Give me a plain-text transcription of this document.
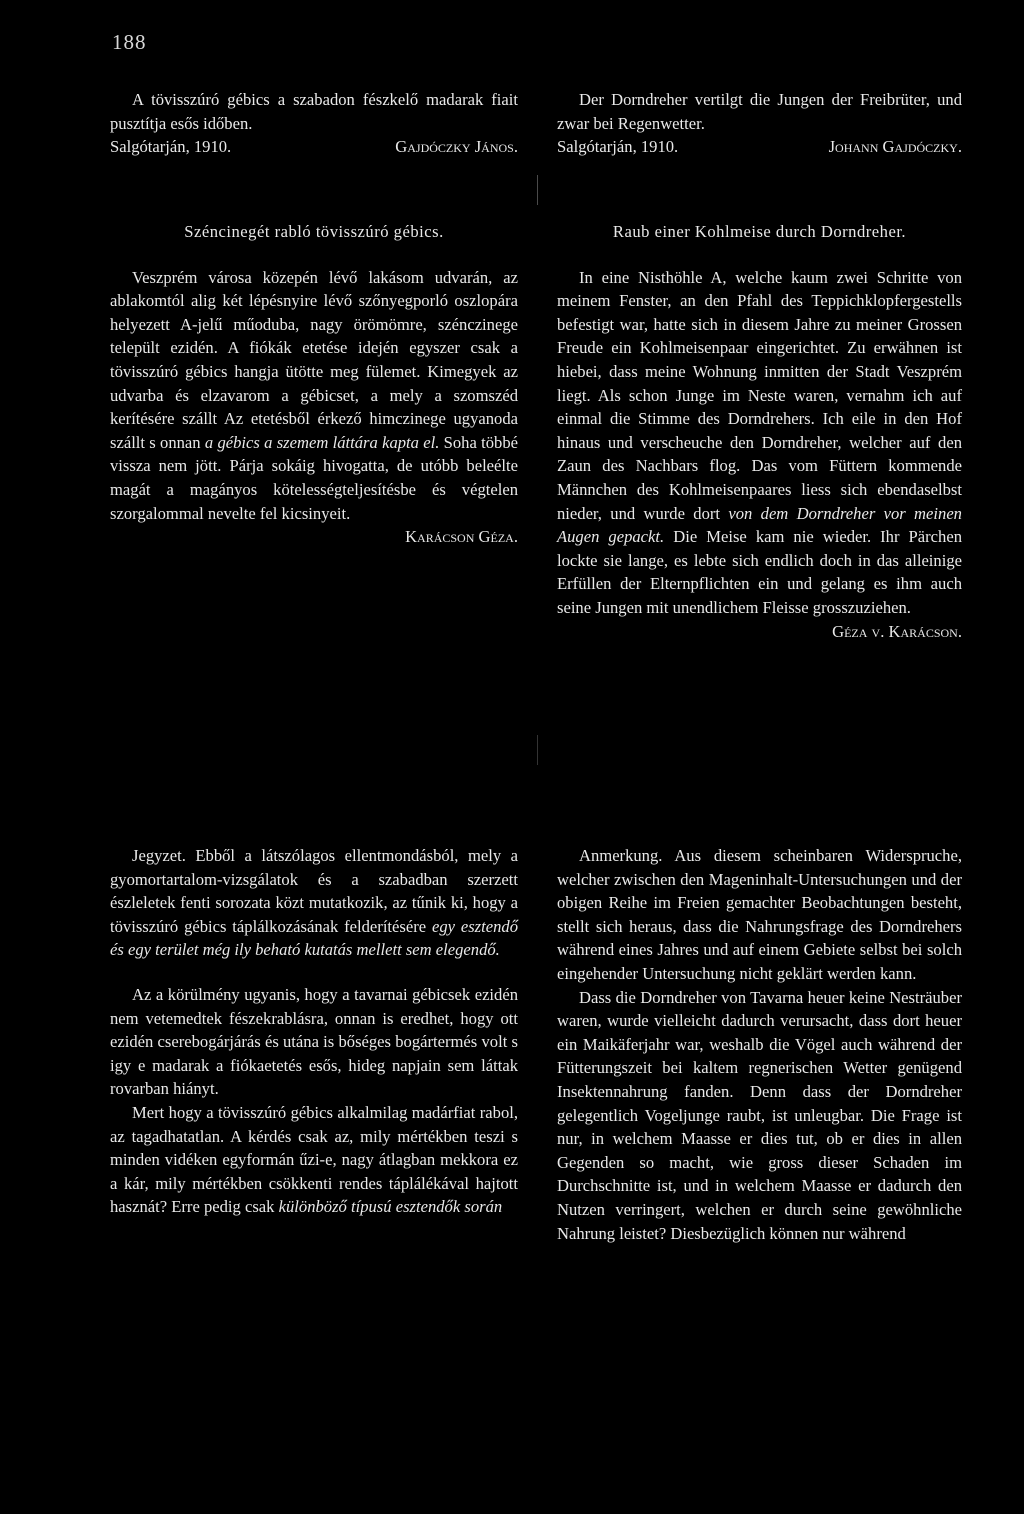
188

A tövisszúró gébics a szabadon fészkelő madarak fiait pusztítja esős időben.

Salgótarján, 1910.	Gajdóczky János.

Széncinegét rabló tövisszúró gébics.

Veszprém városa közepén lévő lakásom udvarán, az ablakomtól alig két lépésnyire lévő szőnyegporló oszlopára helyezett A-jelű műoduba, nagy örömömre, szénczinege települt ezidén. A fiókák etetése idején egyszer csak a tövisszúró gébics hangja ütötte meg fülemet. Kimegyek az udvarba és elzavarom a gébicset, a mely a szomszéd kerítésére szállt Az etetésből érkező himczinege ugyanoda szállt s onnan a gébics a szemem láttára kapta el. Soha többé vissza nem jött. Párja sokáig hivogatta, de utóbb beleélte magát a magányos kötelességteljesítésbe és végtelen szorgalommal nevelte fel kicsinyeit.

Karácson Géza.

Jegyzet. Ebből a látszólagos ellentmondásból, mely a gyomortartalom-vizsgálatok és a szabadban szerzett észleletek fenti sorozata közt mutatkozik, az tűnik ki, hogy a tövisszúró gébics táplálkozásának felderítésére egy esztendő és egy terület még ily beható kutatás mellett sem elegendő.

Az a körülmény ugyanis, hogy a tavarnai gébicsek ezidén nem vetemedtek fészekrablásra, onnan is eredhet, hogy ott ezidén cserebogárjárás és utána is bőséges bogártermés volt s igy e madarak a fiókaetetés esős, hideg napjain sem láttak rovarban hiányt.

Mert hogy a tövisszúró gébics alkalmilag madárfiat rabol, az tagadhatatlan. A kérdés csak az, mily mértékben teszi s minden vidéken egyformán űzi-e, nagy átlagban mekkora ez a kár, mily mértékben csökkenti rendes táplálékával hajtott hasznát? Erre pedig csak különböző típusú esztendők során

Der Dorndreher vertilgt die Jungen der Freibrüter, und zwar bei Regenwetter.

Salgótarján, 1910.	Johann Gajdóczky.

Raub einer Kohlmeise durch Dorndreher.

In eine Nisthöhle A, welche kaum zwei Schritte von meinem Fenster, an den Pfahl des Teppichklopfergestells befestigt war, hatte sich in diesem Jahre zu meiner Grossen Freude ein Kohlmeisenpaar eingerichtet. Zu erwähnen ist hiebei, dass meine Wohnung inmitten der Stadt Veszprém liegt. Als schon Junge im Neste waren, vernahm ich auf einmal die Stimme des Dorndrehers. Ich eile in den Hof hinaus und verscheuche den Dorndreher, welcher auf den Zaun des Nachbars flog. Das vom Füttern kommende Männchen des Kohlmeisenpaares liess sich ebendaselbst nieder, und wurde dort von dem Dorndreher vor meinen Augen gepackt. Die Meise kam nie wieder. Ihr Pärchen lockte sie lange, es lebte sich endlich doch in das alleinige Erfüllen der Elternpflichten ein und gelang es ihm auch seine Jungen mit unendlichem Fleisse grosszuziehen.

Géza v. Karácson.

Anmerkung. Aus diesem scheinbaren Widerspruche, welcher zwischen den Mageninhalt-Untersuchungen und der obigen Reihe im Freien gemachter Beobachtungen besteht, stellt sich heraus, dass die Nahrungsfrage des Dorndrehers während eines Jahres und auf einem Gebiete selbst bei solch eingehender Untersuchung nicht geklärt werden kann.

Dass die Dorndreher von Tavarna heuer keine Nesträuber waren, wurde vielleicht dadurch verursacht, dass dort heuer ein Maikäferjahr war, weshalb die Vögel auch während der Fütterungszeit bei kaltem regnerischen Wetter genügend Insektennahrung fanden. Denn dass der Dorndreher gelegentlich Vogeljunge raubt, ist unleugbar. Die Frage ist nur, in welchem Maasse er dies tut, ob er dies in allen Gegenden so macht, wie gross dieser Schaden im Durchschnitte ist, und in welchem Maasse er dadurch den Nutzen verringert, welchen er durch seine gewöhnliche Nahrung leistet? Diesbezüglich können nur während
